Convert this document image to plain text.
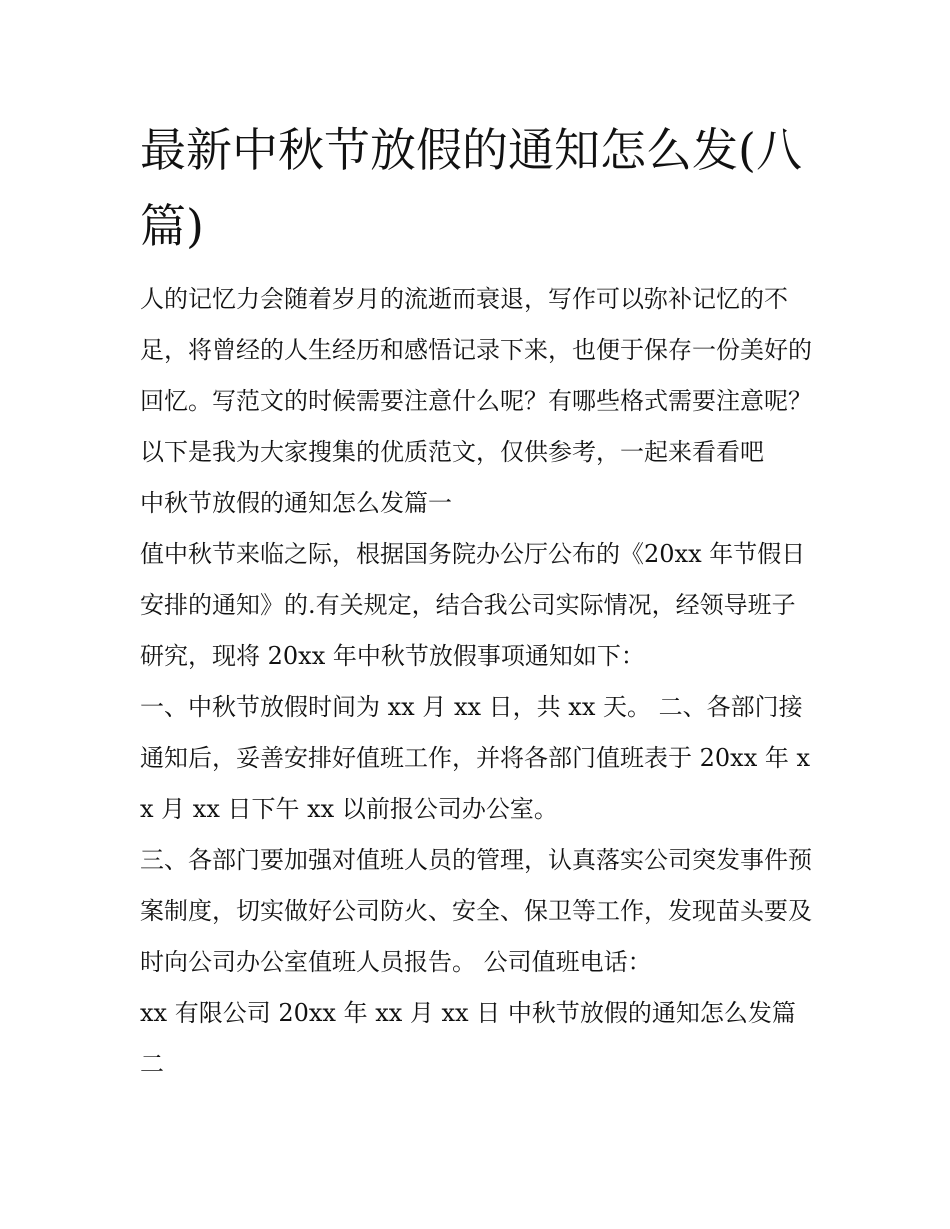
最新中秋节放假的通知怎么发(八篇)

人的记忆力会随着岁月的流逝而衰退，写作可以弥补记忆的不足，将曾经的人生经历和感悟记录下来，也便于保存一份美好的回忆。写范文的时候需要注意什么呢？有哪些格式需要注意呢？以下是我为大家搜集的优质范文，仅供参考，一起来看看吧

中秋节放假的通知怎么发篇一

值中秋节来临之际，根据国务院办公厅公布的《20xx 年节假日安排的通知》的.有关规定，结合我公司实际情况，经领导班子研究，现将 20xx 年中秋节放假事项通知如下：

一、中秋节放假时间为 xx 月 xx 日，共 xx 天。 二、各部门接通知后，妥善安排好值班工作，并将各部门值班表于 20xx 年 xx 月 xx 日下午 xx 以前报公司办公室。

三、各部门要加强对值班人员的管理，认真落实公司突发事件预案制度，切实做好公司防火、安全、保卫等工作，发现苗头要及时向公司办公室值班人员报告。 公司值班电话：

xx 有限公司 20xx 年 xx 月 xx 日 中秋节放假的通知怎么发篇二
